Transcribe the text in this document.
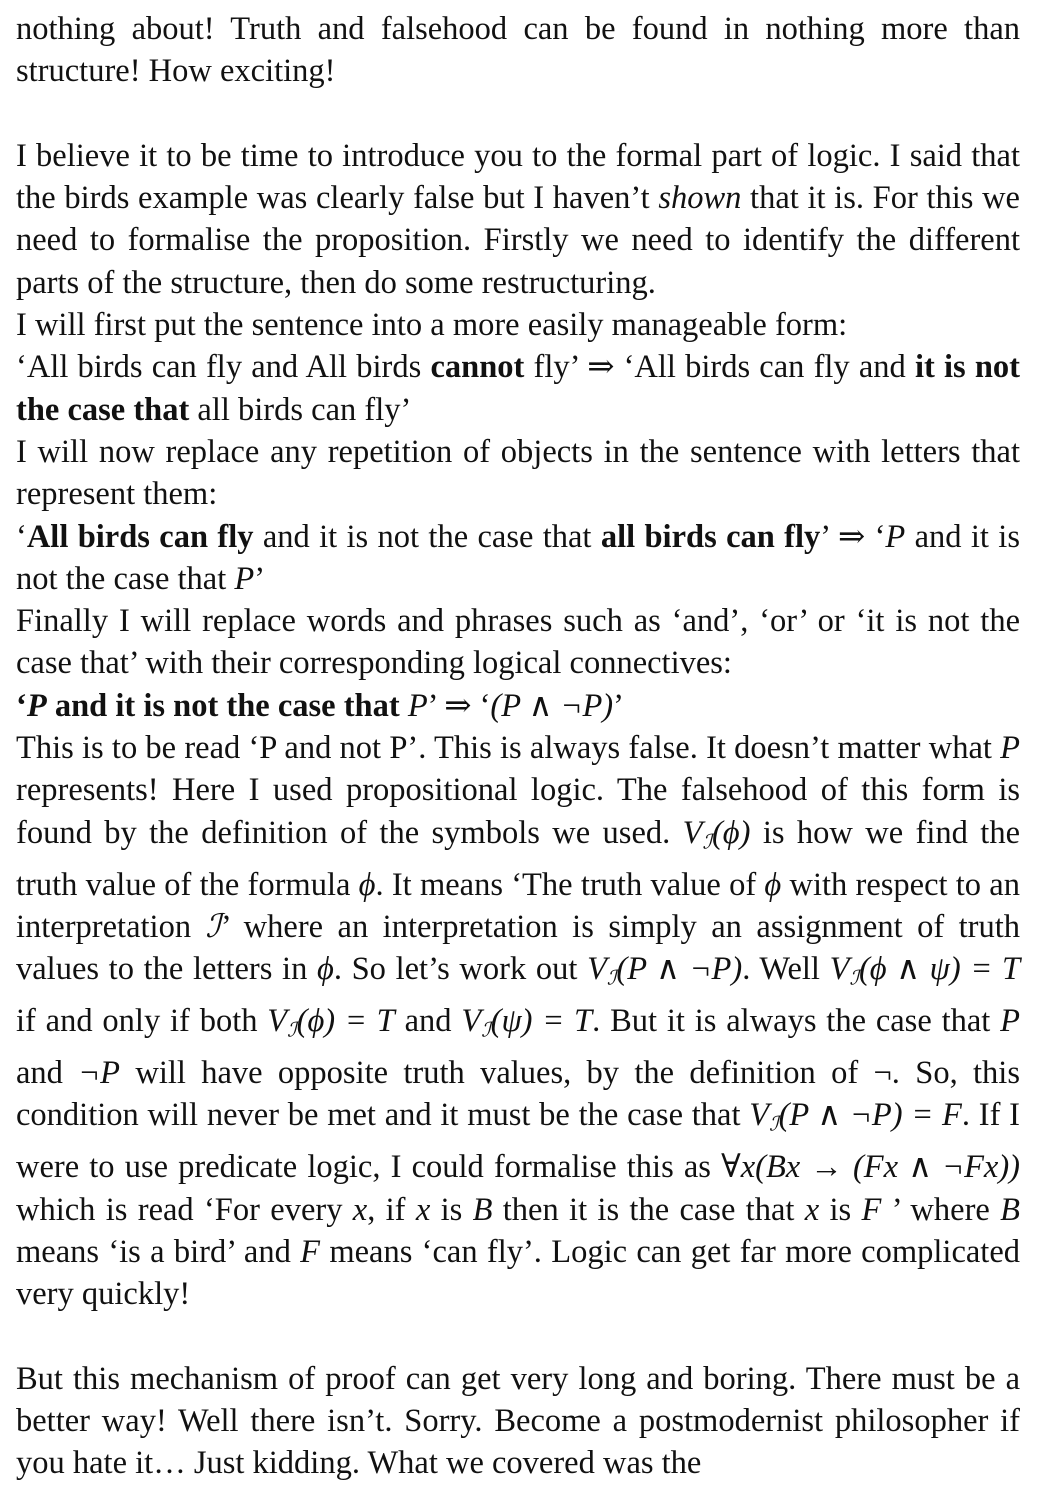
nothing about! Truth and falsehood can be found in nothing more than structure! How exciting!

I believe it to be time to introduce you to the formal part of logic. I said that the birds example was clearly false but I haven’t shown that it is. For this we need to formalise the proposition. Firstly we need to identify the different parts of the structure, then do some restructuring.

I will first put the sentence into a more easily manageable form:

‘All birds can fly and All birds cannot fly’ ⇒ ‘All birds can fly and it is not the case that all birds can fly’

I will now replace any repetition of objects in the sentence with letters that represent them:

‘All birds can fly and it is not the case that all birds can fly’ ⇒ ‘P and it is not the case that P’

Finally I will replace words and phrases such as ‘and’, ‘or’ or ‘it is not the case that’ with their corresponding logical connectives:

‘P and it is not the case that P’ ⇒ ‘(P ∧ ¬P)’

This is to be read ‘P and not P’. This is always false. It doesn’t matter what P represents! Here I used propositional logic. The falsehood of this form is found by the definition of the symbols we used. $V_ℐ(\phi)$ is how we find the truth value of the formula ϕ. It means ‘The truth value of ϕ with respect to an interpretation ℐ’ where an interpretation is simply an assignment of truth values to the letters in ϕ. So let’s work out $V_ℐ(P$ ∧ ¬P). Well $V_ℐ(\phi$ ∧ ψ) = T if and only if both $V_ℐ(\phi) = T$ and $V_ℐ(\psi) = T$. But it is always the case that P and ¬P will have opposite truth values, by the definition of ¬. So, this condition will never be met and it must be the case that $V_ℐ(P$ ∧ ¬P) = F. If I were to use predicate logic, I could formalise this as ∀x(Bx → (Fx ∧ ¬Fx)) which is read ‘For every x, if x is B then it is the case that x is F ’ where B means ‘is a bird’ and F means ‘can fly’. Logic can get far more complicated very quickly!

But this mechanism of proof can get very long and boring. There must be a better way! Well there isn’t. Sorry. Become a postmodernist philosopher if you hate it… Just kidding. What we covered was the
